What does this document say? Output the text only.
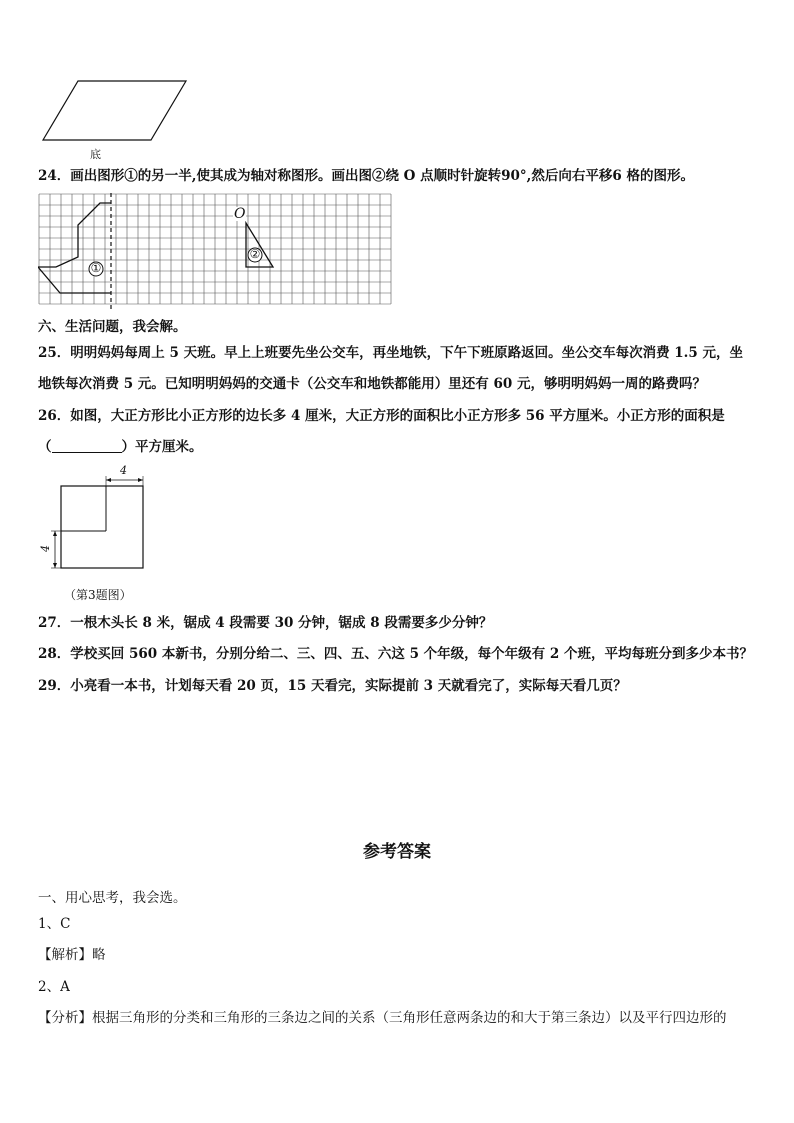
底
24．画出图形①的另一半,使其成为轴对称图形。画出图②绕 O 点顺时针旋转90°,然后向右平移6 格的图形。
①
②
O
六、生活问题，我会解。
25．明明妈妈每周上 5 天班。早上上班要先坐公交车，再坐地铁，下午下班原路返回。坐公交车每次消费 1.5 元，坐
地铁每次消费 5 元。已知明明妈妈的交通卡（公交车和地铁都能用）里还有 60 元，够明明妈妈一周的路费吗？
26．如图，大正方形比小正方形的边长多 4 厘米，大正方形的面积比小正方形多 56 平方厘米。小正方形的面积是
（	）平方厘米。
4
4
（第3题图）
27．一根木头长 8 米，锯成 4 段需要 30 分钟，锯成 8 段需要多少分钟？
28．学校买回 560 本新书，分别分给二、三、四、五、六这 5 个年级，每个年级有 2 个班，平均每班分到多少本书？
29．小亮看一本书，计划每天看 20 页，15 天看完，实际提前 3 天就看完了，实际每天看几页？
参考答案
一、用心思考，我会选。
1、C
【解析】略
2、A
【分析】根据三角形的分类和三角形的三条边之间的关系（三角形任意两条边的和大于第三条边）以及平行四边形的
